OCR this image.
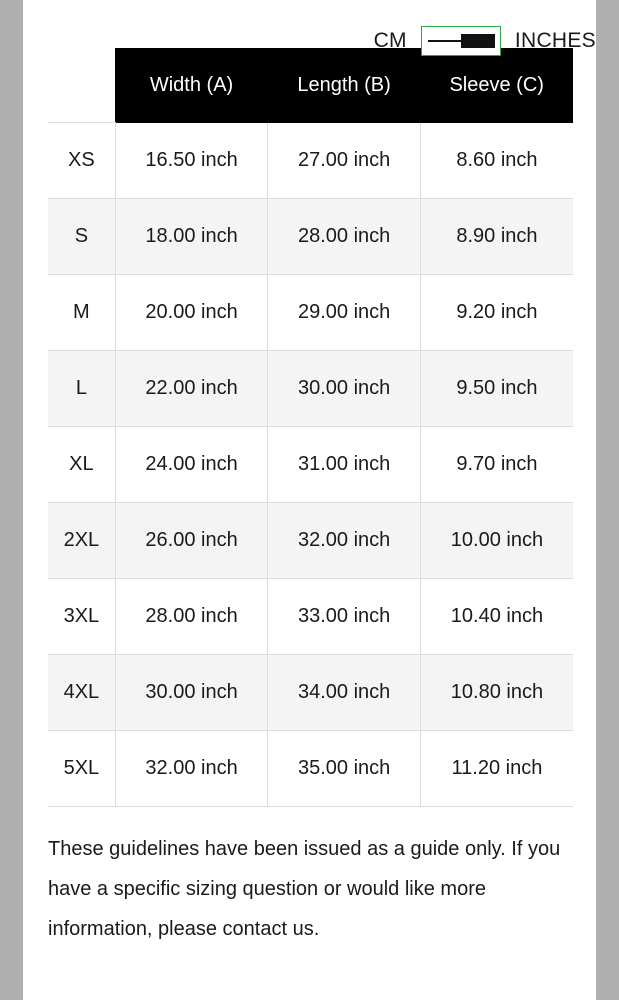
CM	INCHES
	Width (A)	Length (B)	Sleeve (C)
XS	16.50 inch	27.00 inch	8.60 inch
S	18.00 inch	28.00 inch	8.90 inch
M	20.00 inch	29.00 inch	9.20 inch
L	22.00 inch	30.00 inch	9.50 inch
XL	24.00 inch	31.00 inch	9.70 inch
2XL	26.00 inch	32.00 inch	10.00 inch
3XL	28.00 inch	33.00 inch	10.40 inch
4XL	30.00 inch	34.00 inch	10.80 inch
5XL	32.00 inch	35.00 inch	11.20 inch

These guidelines have been issued as a guide only. If you have a specific sizing question or would like more information, please contact us.
